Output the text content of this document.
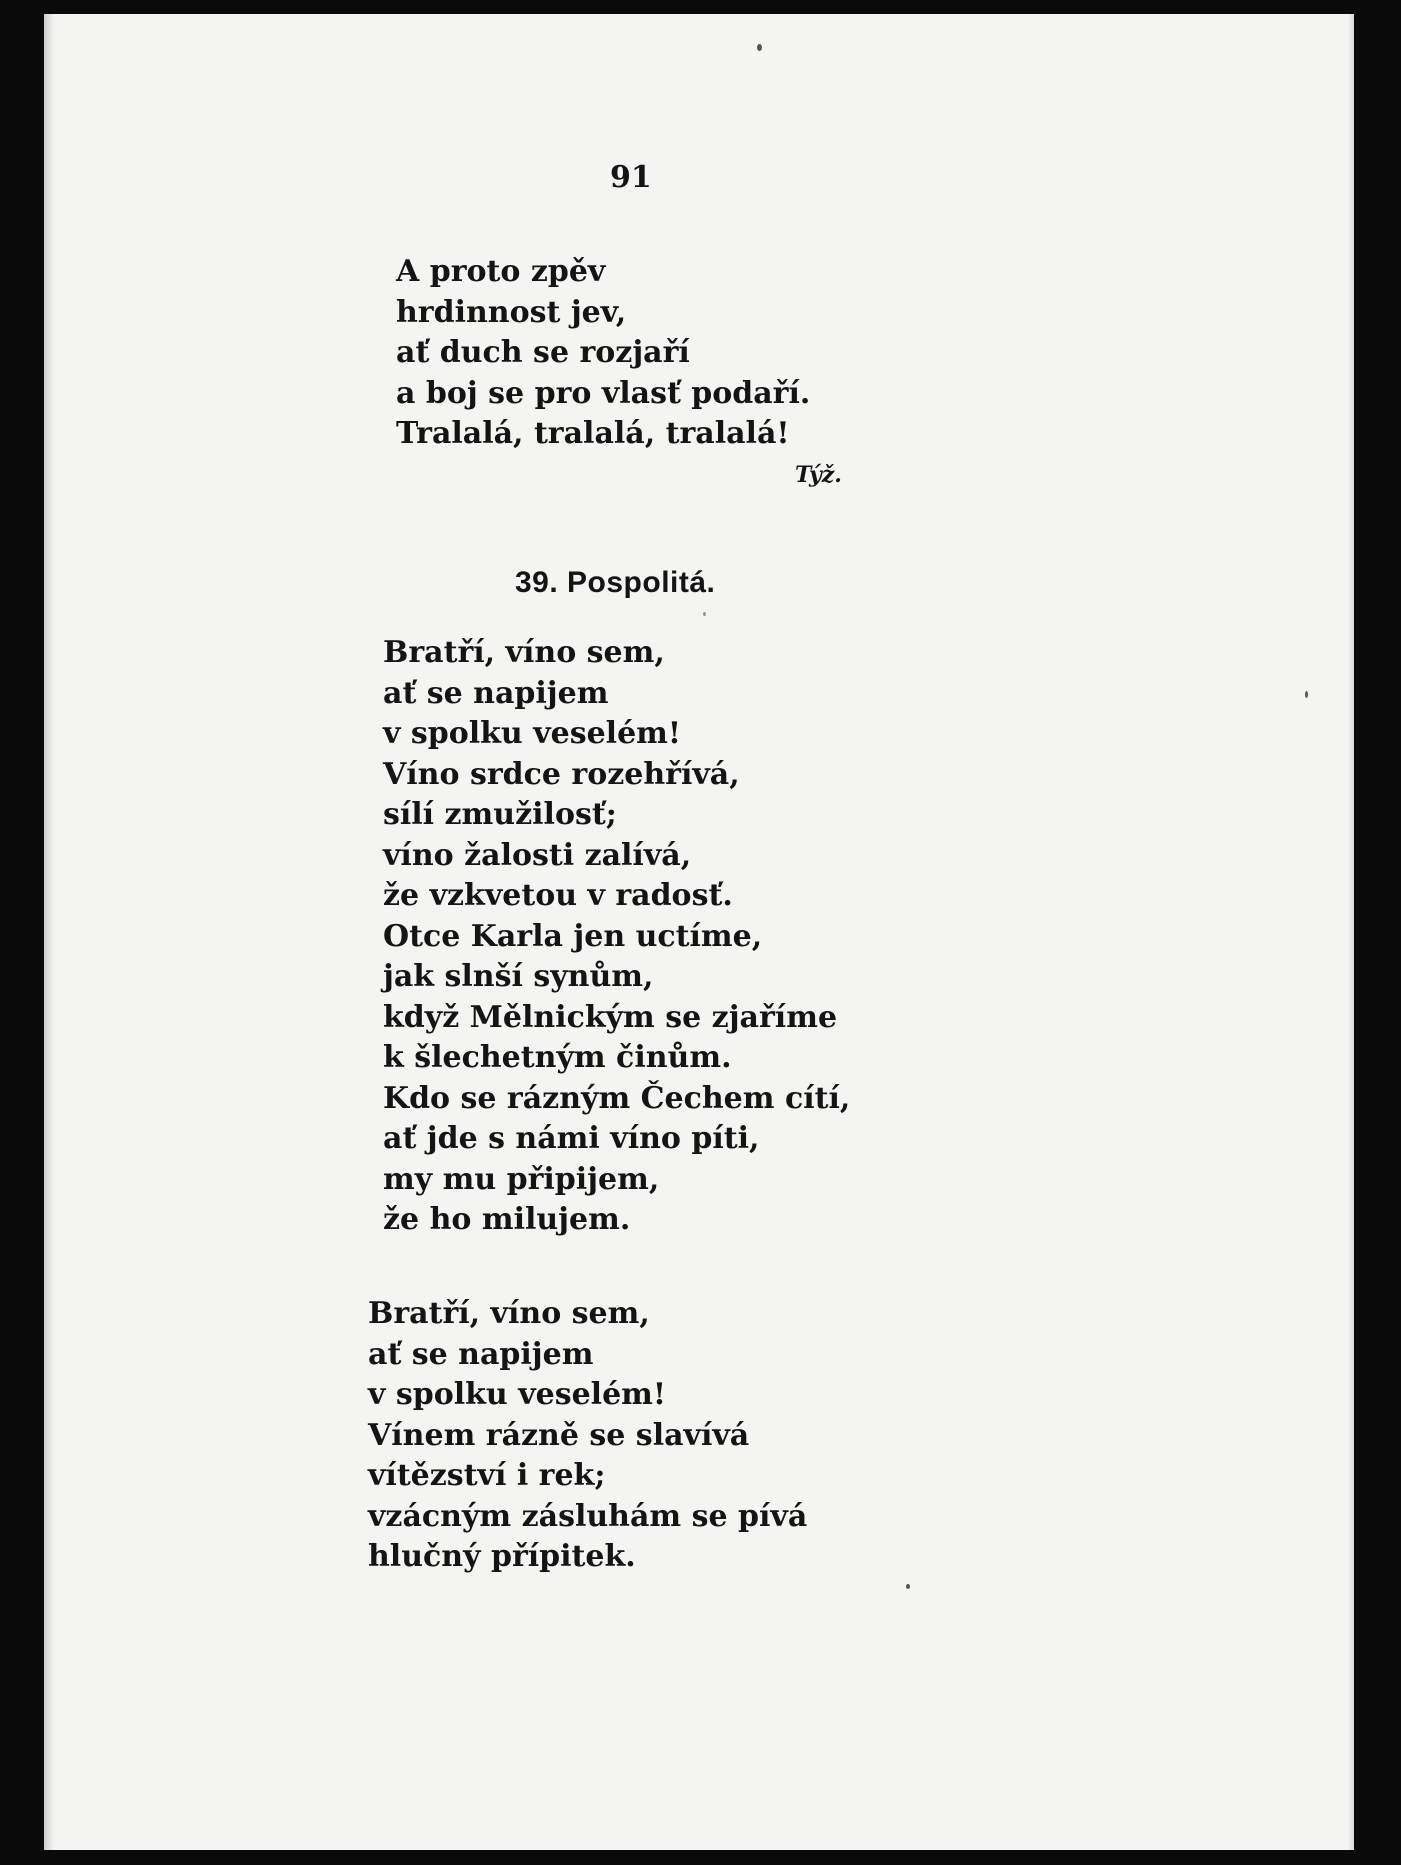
91

A proto zpěv
hrdinnost jev,
ať duch se rozjaří
a boj se pro vlasť podaří.
Tralalá, tralalá, tralalá!

Týž.

39. Pospolitá.

Bratří, víno sem,
ať se napijem
v spolku veselém!
Víno srdce rozehřívá,
sílí zmužilosť;
víno žalosti zalívá,
že vzkvetou v radosť.
Otce Karla jen uctíme,
jak slnší synům,
když Mělnickým se zjaříme
k šlechetným činům.
Kdo se rázným Čechem cítí,
ať jde s námi víno píti,
my mu připijem,
že ho milujem.
Bratří, víno sem,
ať se napijem
v spolku veselém!
Vínem rázně se slavívá
vítězství i rek;
vzácným zásluhám se pívá
hlučný přípitek.
